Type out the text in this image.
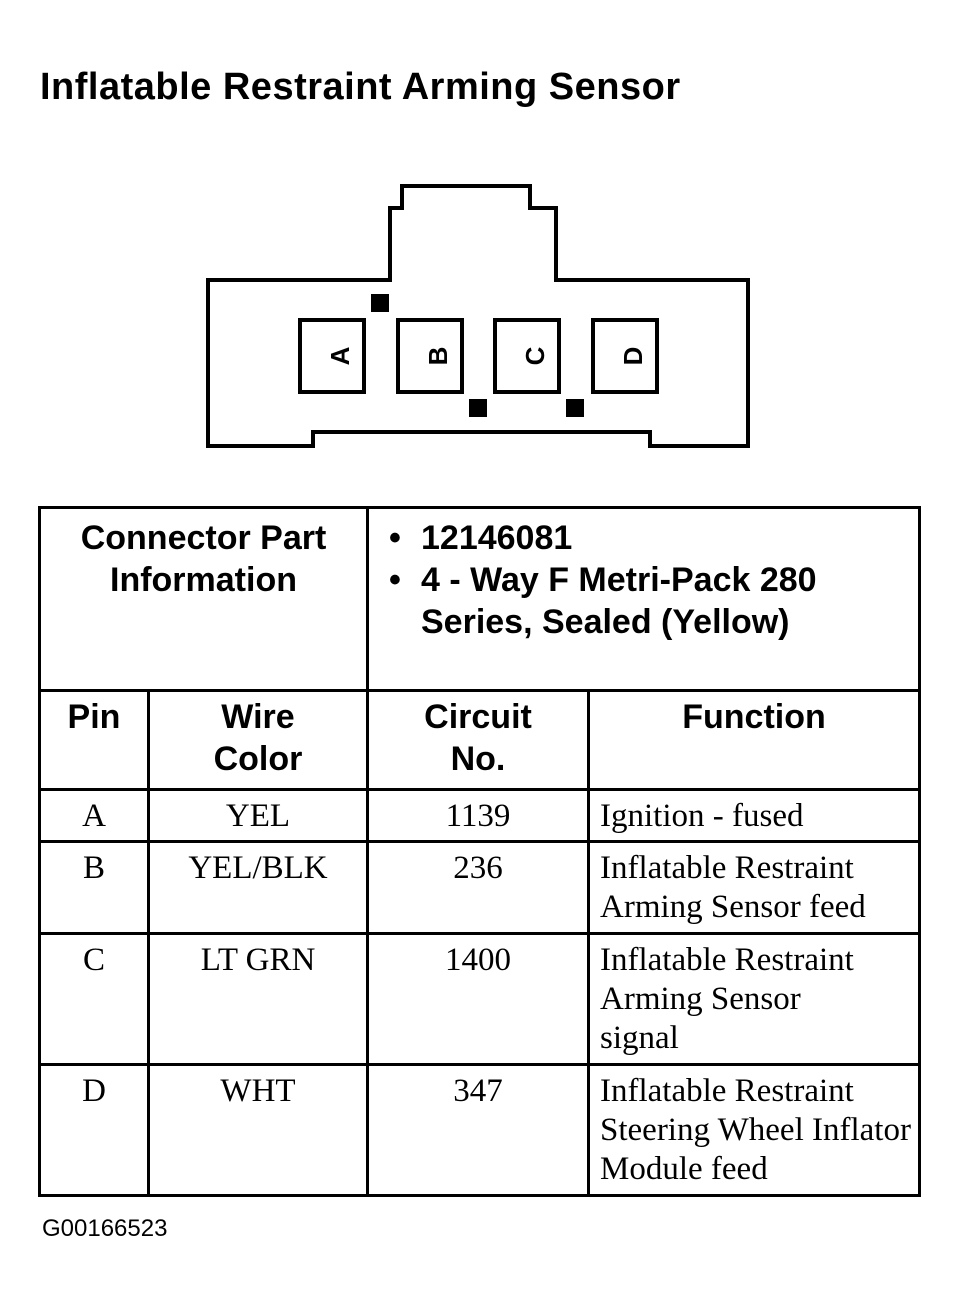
Inflatable Restraint Arming Sensor
A	B	C	D
Connector Part Information		• 12146081
• 4 - Way F Metri-Pack 280 Series, Sealed (Yellow)	

Pin	Wire Color	Circuit No.	Function
A	YEL	1139	Ignition - fused
B	YEL/BLK	236	Inflatable Restraint Arming Sensor feed
C	LT GRN	1400	Inflatable Restraint Arming Sensor signal
D	WHT	347	Inflatable Restraint Steering Wheel Inflator Module feed
G00166523
